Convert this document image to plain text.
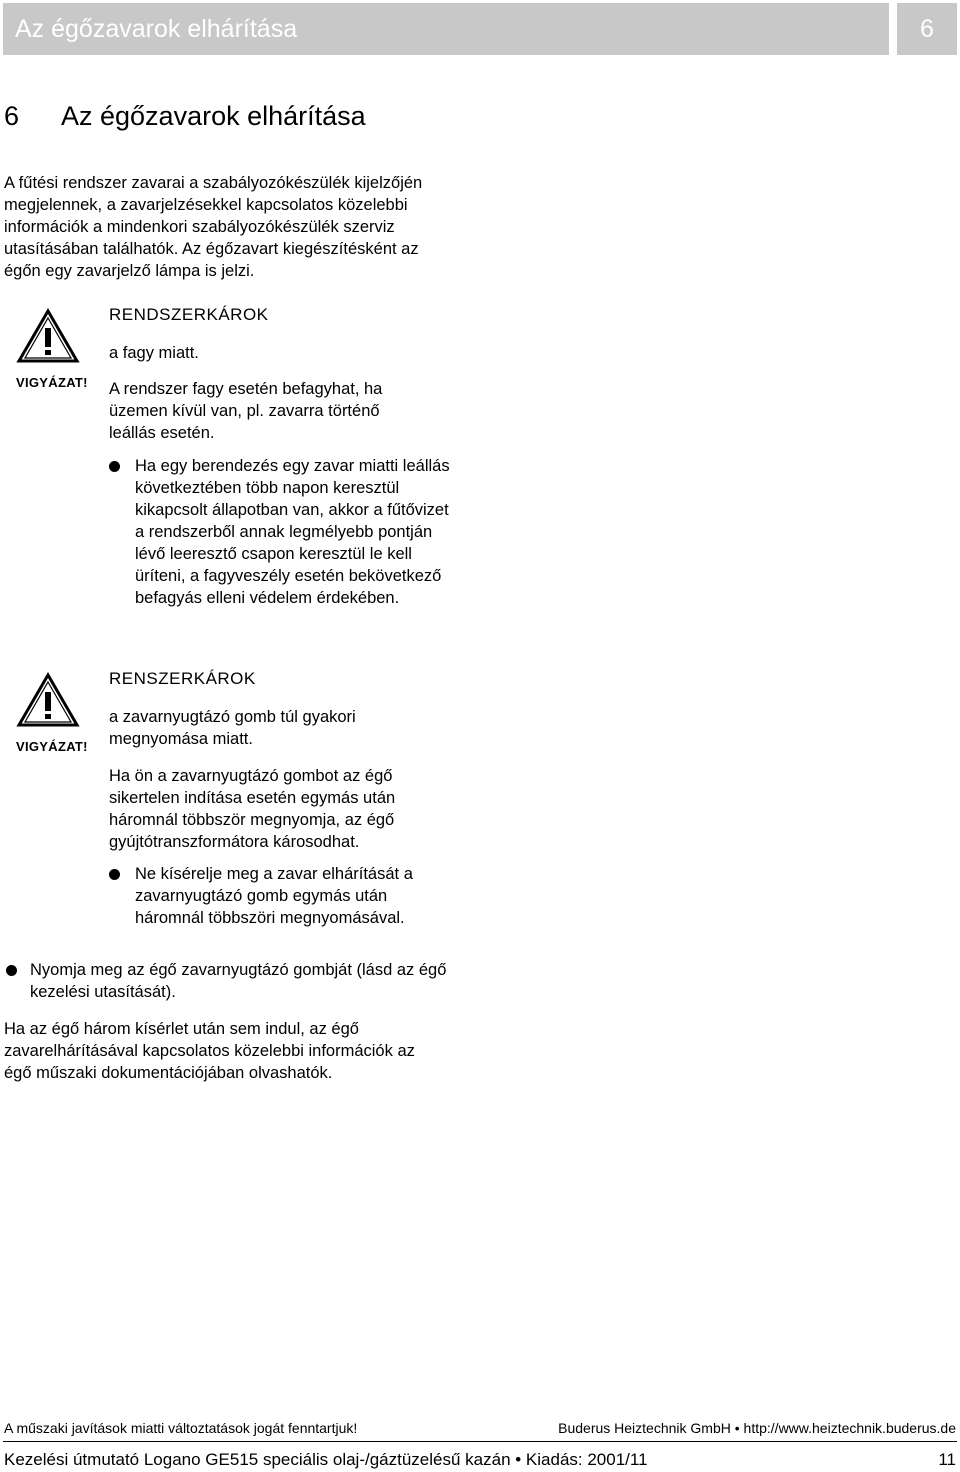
Az égőzavarok elhárítása	6
6 Az égőzavarok elhárítása

A fűtési rendszer zavarai a szabályozókészülék kijelzőjén megjelennek, a zavarjelzésekkel kapcsolatos közelebbi információk a mindenkori szabályozókészülék szerviz utasításában találhatók. Az égőzavart kiegészítésként az égőn egy zavarjelző lámpa is jelzi.

VIGYÁZAT!
RENDSZERKÁROK

a fagy miatt.

A rendszer fagy esetén befagyhat, ha üzemen kívül van, pl. zavarra történő leállás esetén.

Ha egy berendezés egy zavar miatti leállás következtében több napon keresztül kikapcsolt állapotban van, akkor a fűtővizet a rendszerből annak legmélyebb pontján lévő leeresztő csapon keresztül le kell üríteni, a fagyveszély esetén bekövetkező befagyás elleni védelem érdekében.

VIGYÁZAT!
RENSZERKÁROK

a zavarnyugtázó gomb túl gyakori megnyomása miatt.

Ha ön a zavarnyugtázó gombot az égő sikertelen indítása esetén egymás után háromnál többször megnyomja, az égő gyújtótranszformátora károsodhat.

Ne kísérelje meg a zavar elhárítását a zavarnyugtázó gomb egymás után háromnál többszöri megnyomásával.

Nyomja meg az égő zavarnyugtázó gombját (lásd az égő kezelési utasítását).

Ha az égő három kísérlet után sem indul, az égő zavarelhárításával kapcsolatos közelebbi információk az égő műszaki dokumentációjában olvashatók.

A műszaki javítások miatti változtatások jogát fenntartjuk!	Buderus Heiztechnik GmbH • http://www.heiztechnik.buderus.de
Kezelési útmutató Logano GE515 speciális olaj-/gáztüzelésű kazán • Kiadás: 2001/11	11
